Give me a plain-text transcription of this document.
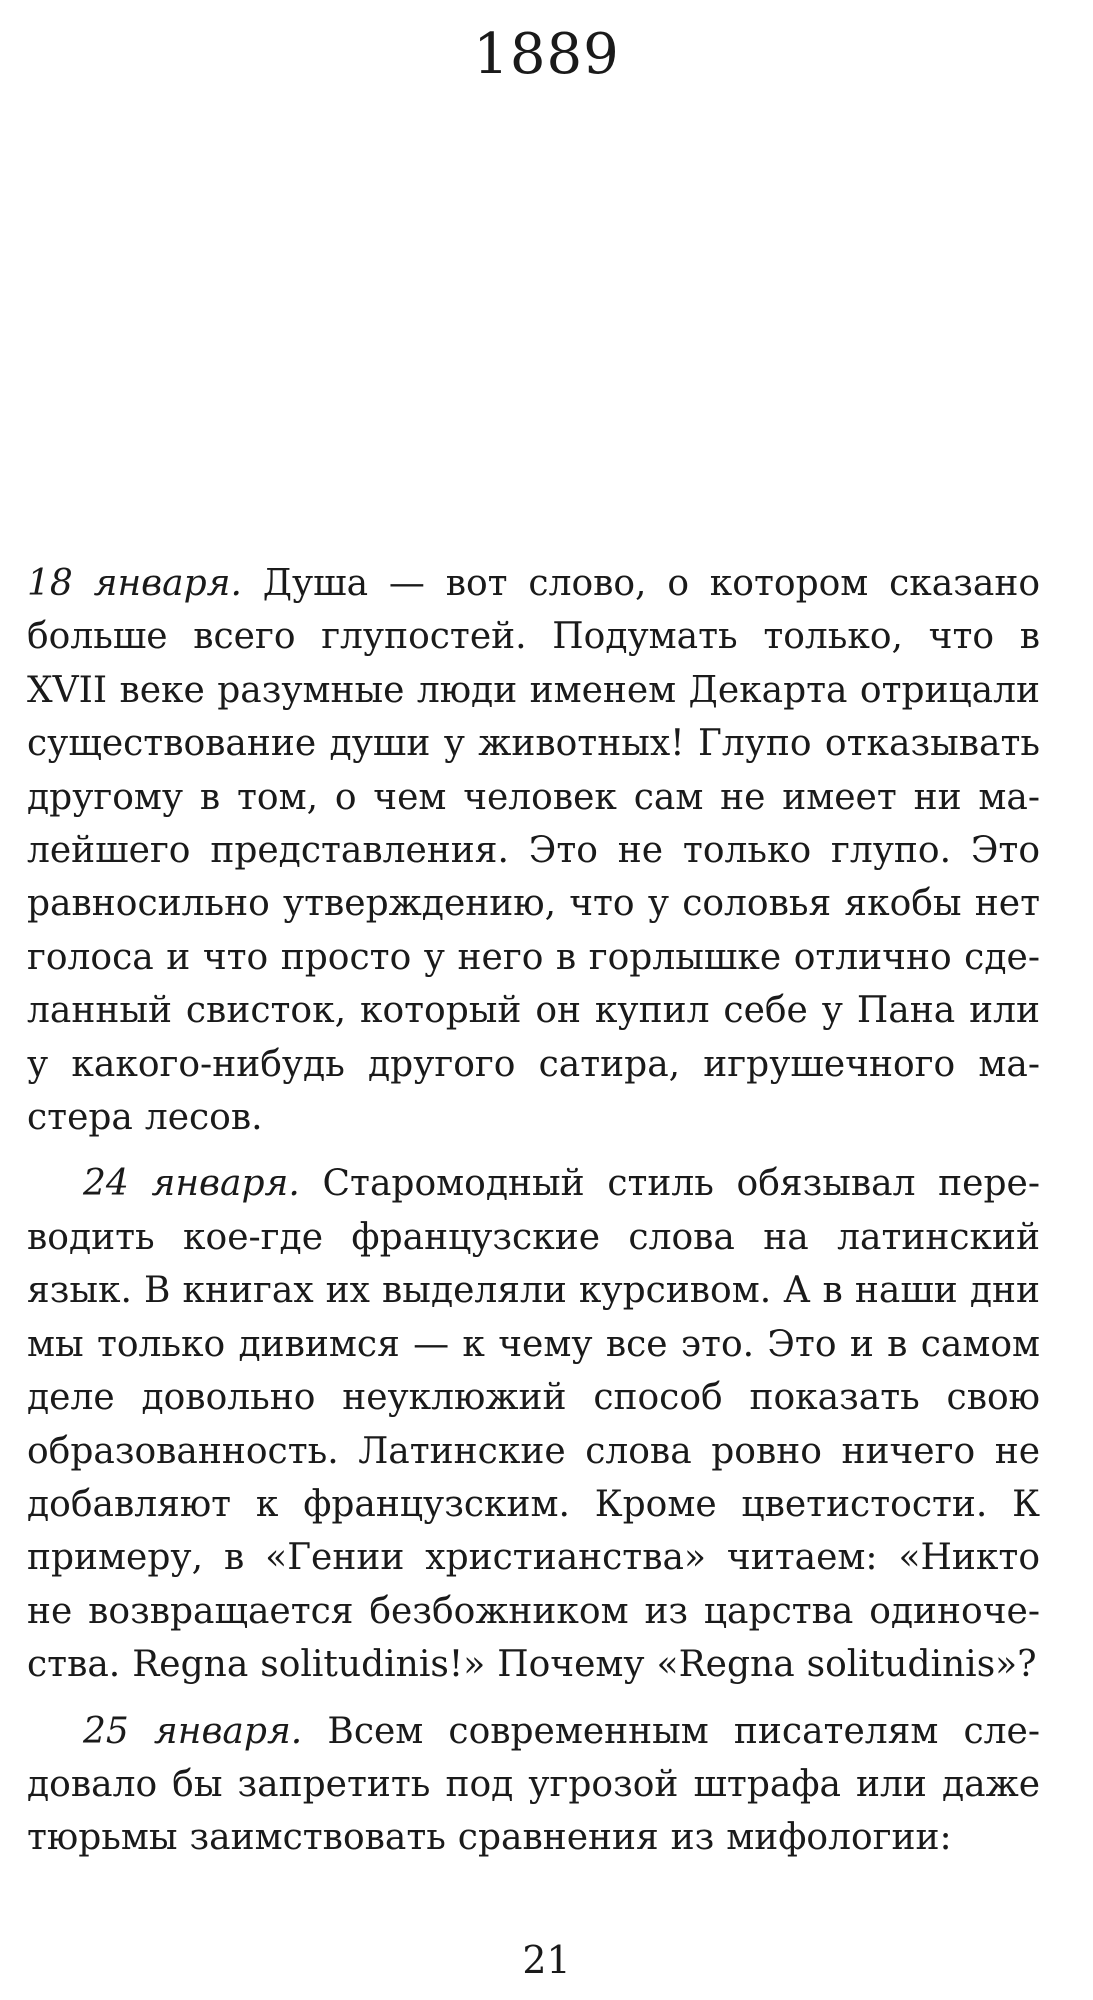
1889

18 января. Душа — вот слово, о котором сказано больше всего глупостей. Подумать только, что в XVII веке разумные люди именем Декарта отрицали существование души у животных! Глупо отказывать другому в том, о чем человек сам не имеет ни малейшего представления. Это не только глупо. Это равносильно утверждению, что у соловья якобы нет голоса и что просто у него в горлышке отлично сделанный свисток, который он купил себе у Пана или у какого-нибудь другого сатира, игрушечного мастера лесов.

24 января. Старомодный стиль обязывал переводить кое-где французские слова на латинский язык. В книгах их выделяли курсивом. А в наши дни мы только дивимся — к чему все это. Это и в самом деле довольно неуклюжий способ показать свою образованность. Латинские слова ровно ничего не добавляют к французским. Кроме цветистости. К примеру, в «Гении христианства» читаем: «Никто не возвращается безбожником из царства одиночества. Regna solitudinis!» Почему «Regna solitudinis»?

25 января. Всем современным писателям следовало бы запретить под угрозой штрафа или даже тюрьмы заимствовать сравнения из мифологии:

21
